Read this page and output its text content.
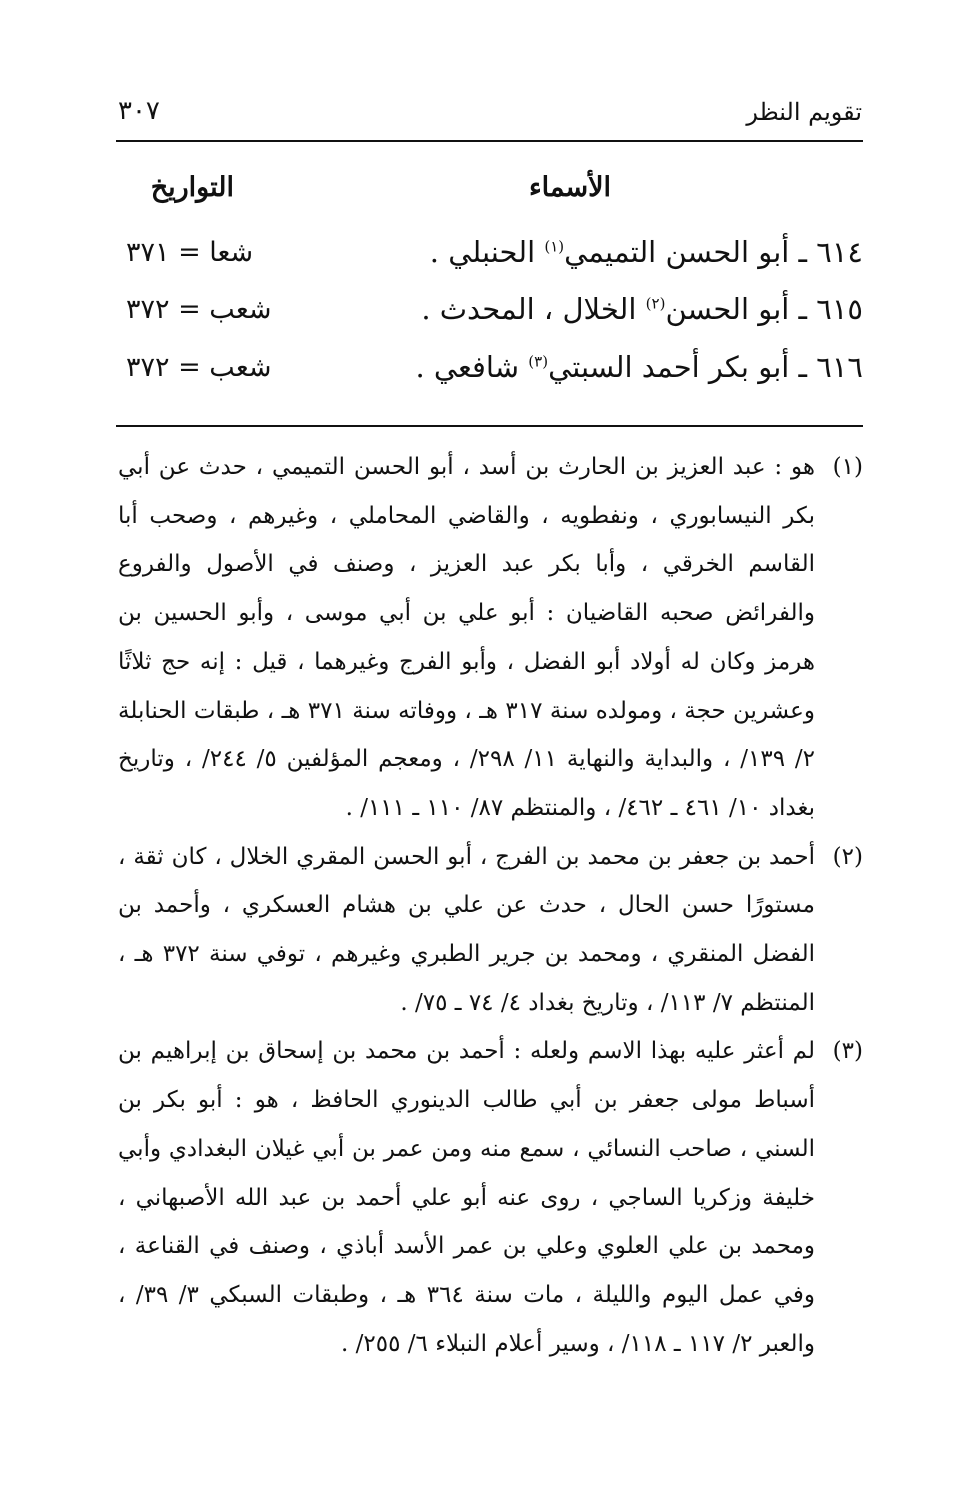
تقويم النظر
٣٠٧
الأسماء
التواريخ
٦١٤ ـ أبو الحسن التميمي$^{(١)}$ الحنبلي .
شعا = ٣٧١
٦١٥ ـ أبو الحسن$^{(٢)}$ الخلال ، المحدث .
شعب = ٣٧٢
٦١٦ ـ أبو بكر أحمد السبتي$^{(٣)}$ شافعي .
شعب = ٣٧٢
(١)
هو : عبد العزيز بن الحارث بن أسد ، أبو الحسن التميمي ، حدث عن أبي بكر النيسابوري ، ونفطويه ، والقاضي المحاملي ، وغيرهم ، وصحب أبا القاسم الخرقي ، وأبا بكر عبد العزيز ، وصنف في الأصول والفروع والفرائض صحبه القاضيان : أبو علي بن أبي موسى ، وأبو الحسين بن هرمز وكان له أولاد أبو الفضل ، وأبو الفرج وغيرهما ، قيل : إنه حج ثلاثًا وعشرين حجة ، ومولده سنة ٣١٧ هـ ، ووفاته سنة ٣٧١ هـ ، طبقات الحنابلة ٢/ ١٣٩/ ، والبداية والنهاية ١١/ ٢٩٨/ ، ومعجم المؤلفين ٥/ ٢٤٤/ ، وتاريخ بغداد ١٠/ ٤٦١ ـ ٤٦٢/ ، والمنتظم ٨٧/ ١١٠ ـ ١١١/ .
(٢)
أحمد بن جعفر بن محمد بن الفرج ، أبو الحسن المقري الخلال ، كان ثقة ، مستورًا حسن الحال ، حدث عن علي بن هشام العسكري ، وأحمد بن الفضل المنقري ، ومحمد بن جرير الطبري وغيرهم ، توفي سنة ٣٧٢ هـ ، المنتظم ٧/ ١١٣/ ، وتاريخ بغداد ٤/ ٧٤ ـ ٧٥/ .
(٣)
لم أعثر عليه بهذا الاسم ولعله : أحمد بن محمد بن إسحاق بن إبراهيم بن أسباط مولى جعفر بن أبي طالب الدينوري الحافظ ، هو : أبو بكر بن السني ، صاحب النسائي ، سمع منه ومن عمر بن أبي غيلان البغدادي وأبي خليفة وزكريا الساجي ، روى عنه أبو علي أحمد بن عبد الله الأصبهاني ، ومحمد بن علي العلوي وعلي بن عمر الأسد أباذي ، وصنف في القناعة ، وفي عمل اليوم والليلة ، مات سنة ٣٦٤ هـ ، وطبقات السبكي ٣/ ٣٩/ ، والعبر ٢/ ١١٧ ـ ١١٨/ ، وسير أعلام النبلاء ٦/ ٢٥٥/ .
